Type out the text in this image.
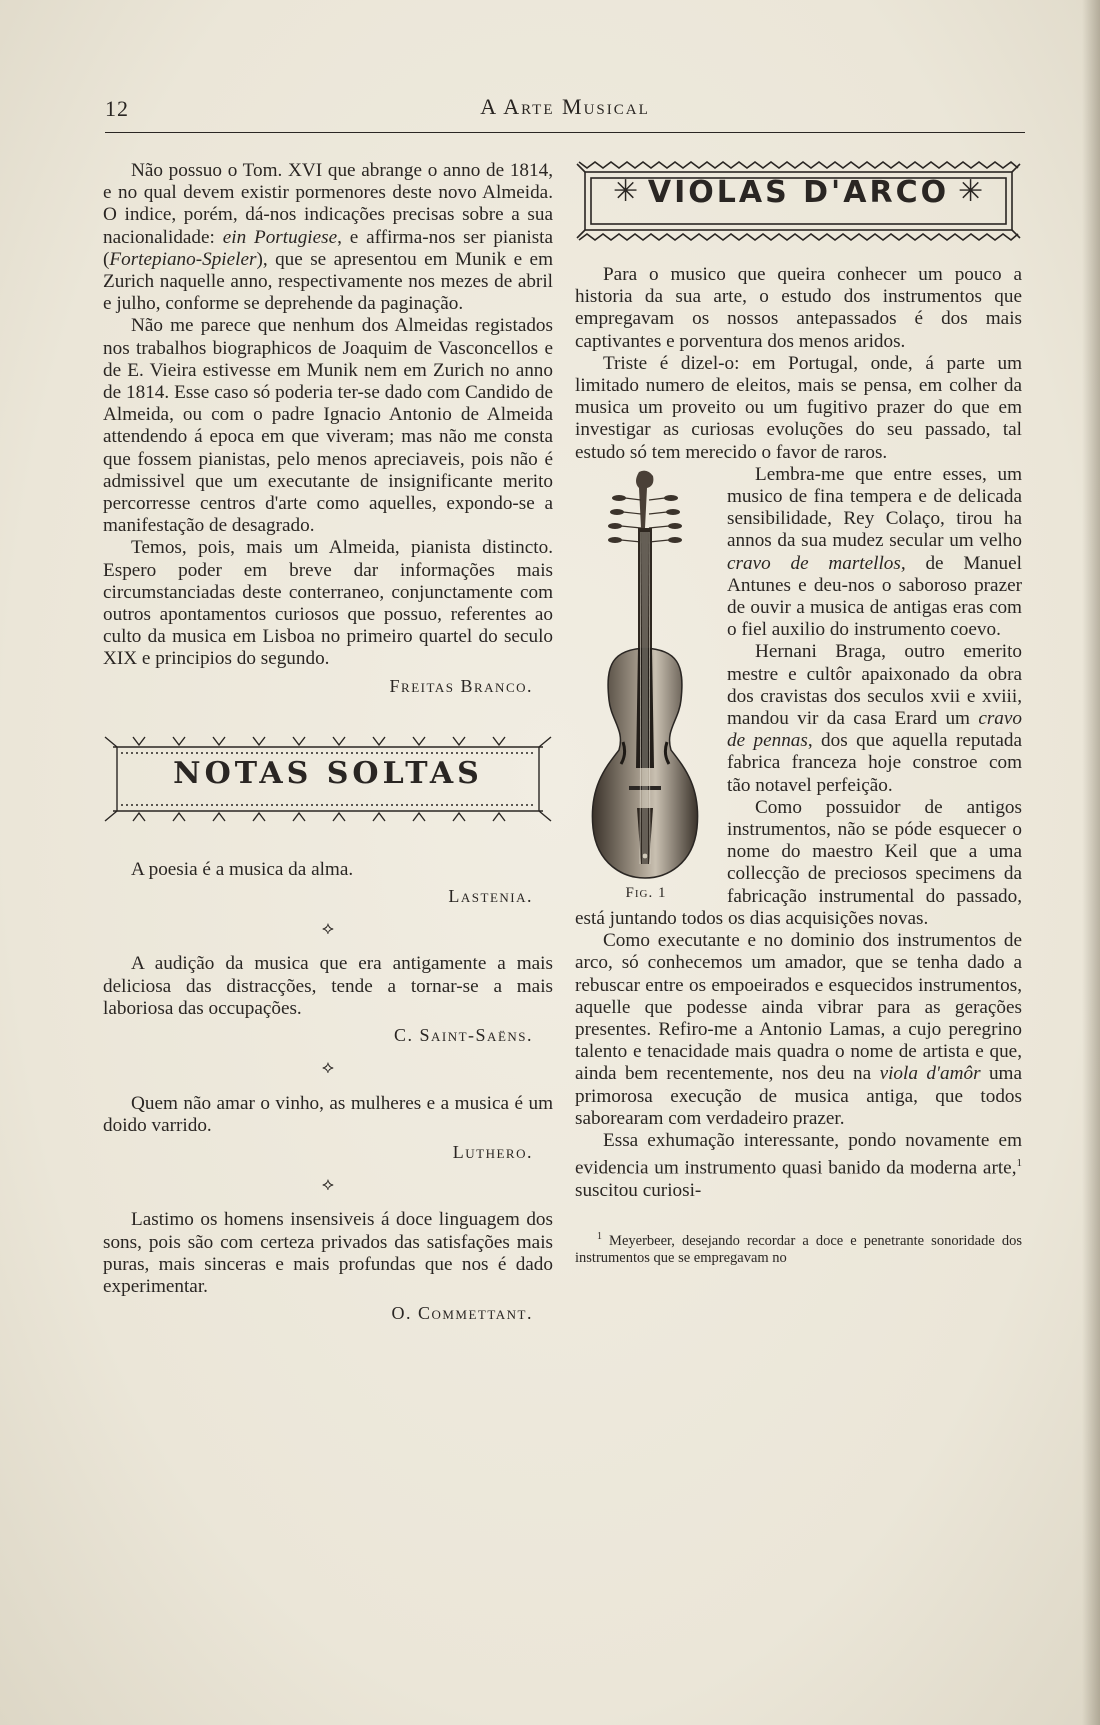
12	A Arte Musical

Não possuo o Tom. XVI que abrange o anno de 1814, e no qual devem existir pormenores deste novo Almeida. O indice, porém, dá-nos indicações precisas sobre a sua nacionalidade: ein Portugiese, e affirma-nos ser pianista (Fortepiano-Spieler), que se apresentou em Munik e em Zurich naquelle anno, respectivamente nos mezes de abril e julho, conforme se deprehende da paginação.

Não me parece que nenhum dos Almeidas registados nos trabalhos biographicos de Joaquim de Vasconcellos e de E. Vieira estivesse em Munik nem em Zurich no anno de 1814. Esse caso só poderia ter-se dado com Candido de Almeida, ou com o padre Ignacio Antonio de Almeida attendendo á epoca em que viveram; mas não me consta que fossem pianistas, pelo menos apreciaveis, pois não é admissivel que um executante de insignificante merito percorresse centros d'arte como aquelles, expondo-se a manifestação de desagrado.

Temos, pois, mais um Almeida, pianista distincto. Espero poder em breve dar informações mais circumstanciadas deste conterraneo, conjunctamente com outros apontamentos curiosos que possuo, referentes ao culto da musica em Lisboa no primeiro quartel do seculo XIX e principios do segundo.

Freitas Branco.
NOTAS SOLTAS

A poesia é a musica da alma.

Lastenia.
⟡

A audição da musica que era antigamente a mais deliciosa das distracções, tende a tornar-se a mais laboriosa das occupações.

C. Saint-Saëns.
⟡

Quem não amar o vinho, as mulheres e a musica é um doido varrido.

Luthero.
⟡

Lastimo os homens insensiveis á doce linguagem dos sons, pois são com certeza privados das satisfações mais puras, mais sinceras e mais profundas que nos é dado experimentar.

O. Commettant.
✳ VIOLAS D'ARCO ✳

Para o musico que queira conhecer um pouco a historia da sua arte, o estudo dos instrumentos que empregavam os nossos antepassados é dos mais captivantes e porventura dos menos aridos.

Triste é dizel-o: em Portugal, onde, á parte um limitado numero de eleitos, mais se pensa, em colher da musica um proveito ou um fugitivo prazer do que em investigar as curiosas evoluções do seu passado, tal estudo só tem merecido o favor de raros.

Fig. 1

Lembra-me que entre esses, um musico de fina tempera e de delicada sensibilidade, Rey Colaço, tirou ha annos da sua mudez secular um velho cravo de martellos, de Manuel Antunes e deu-nos o saboroso prazer de ouvir a musica de antigas eras com o fiel auxilio do instrumento coevo.

Hernani Braga, outro emerito mestre e cultôr apaixonado da obra dos cravistas dos seculos xvii e xviii, mandou vir da casa Erard um cravo de pennas, dos que aquella reputada fabrica franceza hoje constroe com tão notavel perfeição.

Como possuidor de antigos instrumentos, não se póde esquecer o nome do maestro Keil que a uma collecção de preciosos specimens da fabricação instrumental do passado, está juntando todos os dias acquisições novas.

Como executante e no dominio dos instrumentos de arco, só conhecemos um amador, que se tenha dado a rebuscar entre os empoeirados e esquecidos instrumentos, aquelle que podesse ainda vibrar para as gerações presentes. Refiro-me a Antonio Lamas, a cujo peregrino talento e tenacidade mais quadra o nome de artista e que, ainda bem recentemente, nos deu na viola d'amôr uma primorosa execução de musica antiga, que todos saborearam com verdadeiro prazer.

Essa exhumação interessante, pondo novamente em evidencia um instrumento quasi banido da moderna arte,$^1$ suscitou curiosi-

$^1$ Meyerbeer, desejando recordar a doce e penetrante sonoridade dos instrumentos que se empregavam no
